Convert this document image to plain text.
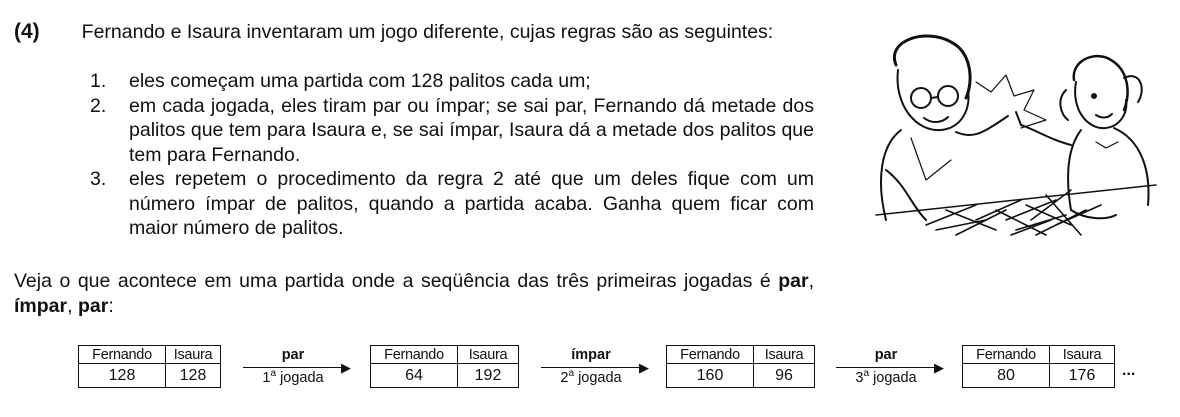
(4) Fernando e Isaura inventaram um jogo diferente, cujas regras são as seguintes:
1. eles começam uma partida com 128 palitos cada um;
2. em cada jogada, eles tiram par ou ímpar; se sai par, Fernando dá metade dos palitos que tem para Isaura e, se sai ímpar, Isaura dá a metade dos palitos que tem para Fernando.
3. eles repetem o procedimento da regra 2 até que um deles fique com um número ímpar de palitos, quando a partida acaba. Ganha quem ficar com maior número de palitos.
Veja o que acontece em uma partida onde a seqüência das três primeiras jogadas é par, ímpar, par:
Fernando	Isaura
128	128
par
▶
1$^a$ jogada
Fernando	Isaura
64	192
ímpar
▶
2$^a$ jogada
Fernando	Isaura
160	96
par
▶
3$^a$ jogada
Fernando	Isaura
80	176 ...
